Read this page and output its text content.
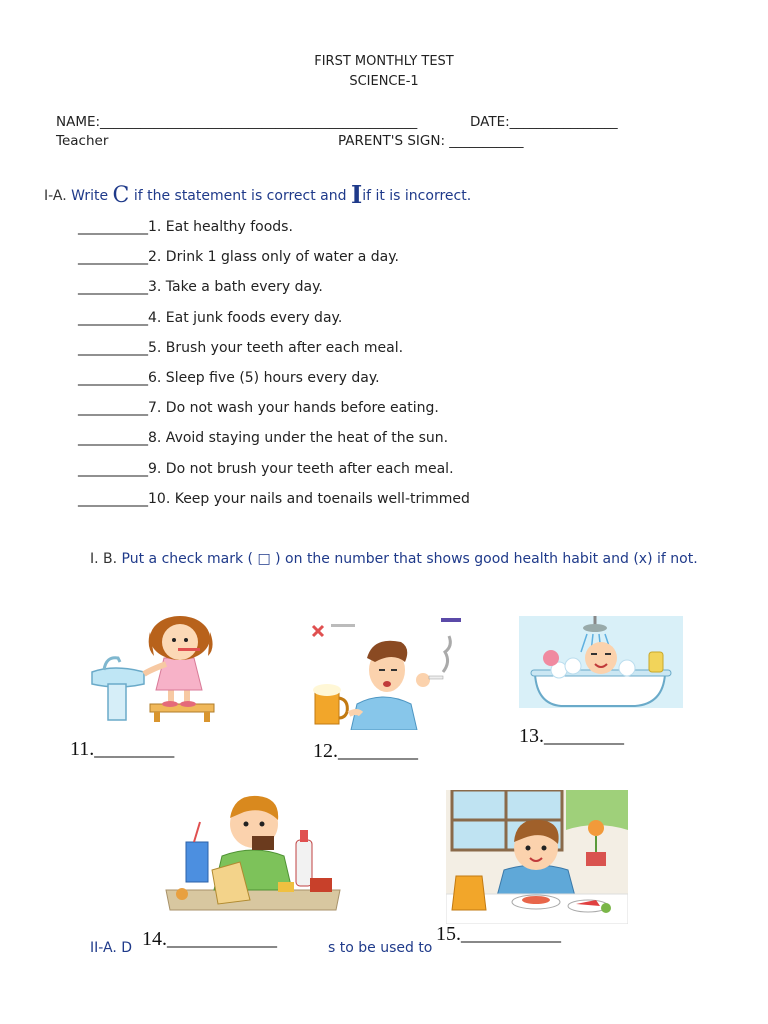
FIRST MONTHLY TEST
SCIENCE-1
NAME:_______________________________________________	DATE:________________
Teacher	PARENT'S SIGN: ___________
I-A. Write C if the statement is correct and Iif it is incorrect.
__________1. Eat healthy foods.
__________2. Drink 1 glass only of water a day.
__________3. Take a bath every day.
__________4. Eat junk foods every day.
__________5. Brush your teeth after each meal.
__________6. Sleep five (5) hours every day.
__________7. Do not wash your hands before eating.
__________8. Avoid staying under the heat of the sun.
__________9. Do not brush your teeth after each meal.
__________10. Keep your nails and toenails well-trimmed
I. B. Put a check mark ( □ ) on the number that shows good health habit and (x) if not.
11.________	12.________
13.________
14.___________	15.__________
II-A. D	s to be used to
